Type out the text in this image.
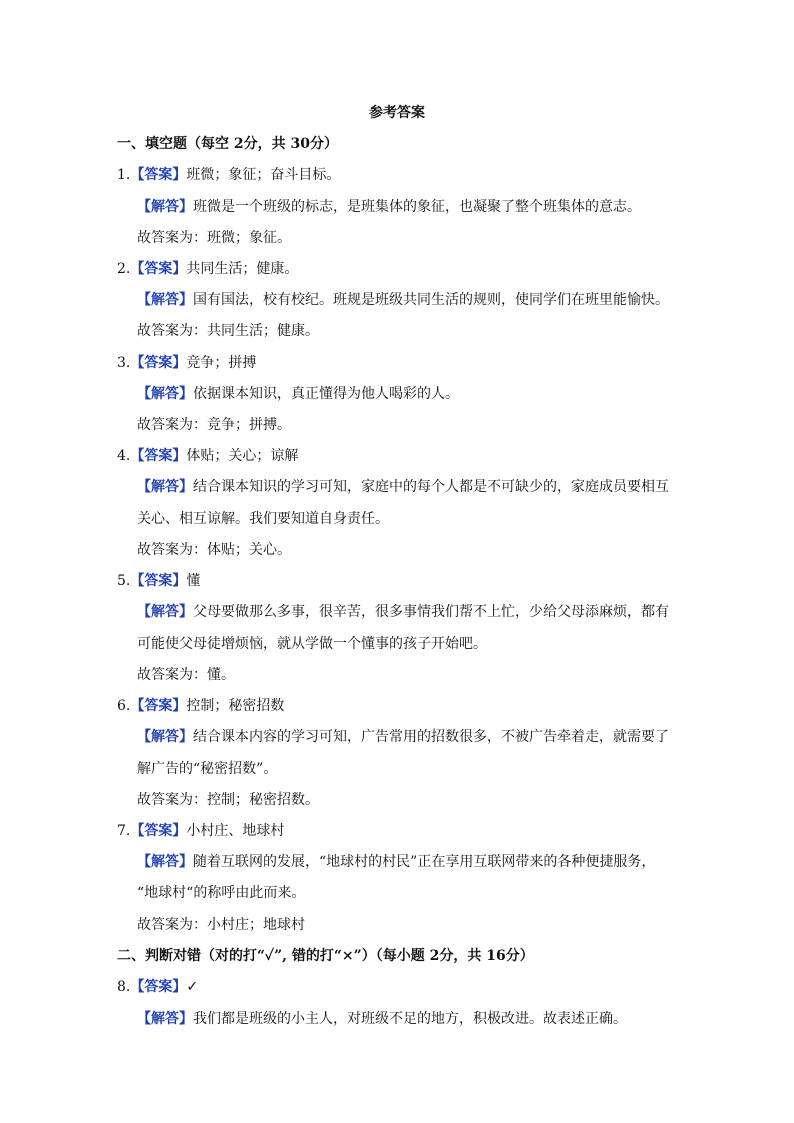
参考答案
一、填空题（每空 2分，共 30分）
1.【答案】班微；象征；奋斗目标。
【解答】班微是一个班级的标志，是班集体的象征，也凝聚了整个班集体的意志。
故答案为：班微；象征。
2.【答案】共同生活；健康。
【解答】国有国法，校有校纪。班规是班级共同生活的规则，使同学们在班里能愉快。
故答案为：共同生活；健康。
3.【答案】竞争；拼搏
【解答】依据课本知识，真正懂得为他人喝彩的人。
故答案为：竞争；拼搏。
4.【答案】体贴；关心；谅解
【解答】结合课本知识的学习可知，家庭中的每个人都是不可缺少的，家庭成员要相互
关心、相互谅解。我们要知道自身责任。
故答案为：体贴；关心。
5.【答案】懂
【解答】父母要做那么多事，很辛苦，很多事情我们帮不上忙，少给父母添麻烦，都有
可能使父母徒增烦恼，就从学做一个懂事的孩子开始吧。
故答案为：懂。
6.【答案】控制；秘密招数
【解答】结合课本内容的学习可知，广告常用的招数很多，不被广告牵着走，就需要了
解广告的“秘密招数”。
故答案为：控制；秘密招数。
7.【答案】小村庄、地球村
【解答】随着互联网的发展，“地球村的村民”正在享用互联网带来的各种便捷服务，
“地球村“的称呼由此而来。
故答案为：小村庄；地球村
二、判断对错（对的打“✓”, 错的打“×”）（每小题 2分，共 16分）
8.【答案】✓
【解答】我们都是班级的小主人，对班级不足的地方，积极改进。故表述正确。
